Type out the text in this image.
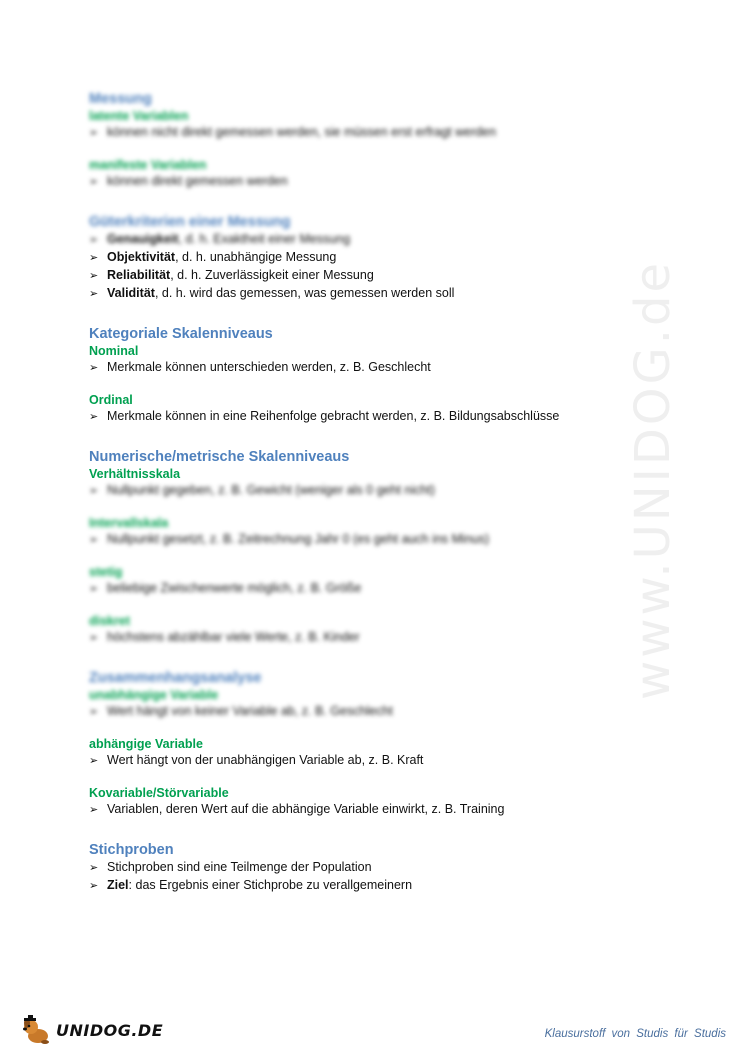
www.UNIDOG.de
Messung
latente Variablen
➢ können nicht direkt gemessen werden, sie müssen erst erfragt werden
manifeste Variablen
➢ können direkt gemessen werden
Güterkriterien einer Messung
➢ Genauigkeit, d. h. Exaktheit einer Messung
➢ Objektivität, d. h. unabhängige Messung
➢ Reliabilität, d. h. Zuverlässigkeit einer Messung
➢ Validität, d. h. wird das gemessen, was gemessen werden soll
Kategoriale Skalenniveaus
Nominal
➢ Merkmale können unterschieden werden, z. B. Geschlecht
Ordinal
➢ Merkmale können in eine Reihenfolge gebracht werden, z. B. Bildungsabschlüsse
Numerische/metrische Skalenniveaus
Verhältnisskala
➢ Nullpunkt gegeben, z. B. Gewicht (weniger als 0 geht nicht)
Intervallskala
➢ Nullpunkt gesetzt, z. B. Zeitrechnung Jahr 0 (es geht auch ins Minus)
stetig
➢ beliebige Zwischenwerte möglich, z. B. Größe
diskret
➢ höchstens abzählbar viele Werte, z. B. Kinder
Zusammenhangsanalyse
unabhängige Variable
➢ Wert hängt von keiner Variable ab, z. B. Geschlecht
abhängige Variable
➢ Wert hängt von der unabhängigen Variable ab, z. B. Kraft
Kovariable/Störvariable
➢ Variablen, deren Wert auf die abhängige Variable einwirkt, z. B. Training
Stichproben
➢ Stichproben sind eine Teilmenge der Population
➢ Ziel: das Ergebnis einer Stichprobe zu verallgemeinern
UNIDOG.DE	Klausurstoff von Studis für Studis
